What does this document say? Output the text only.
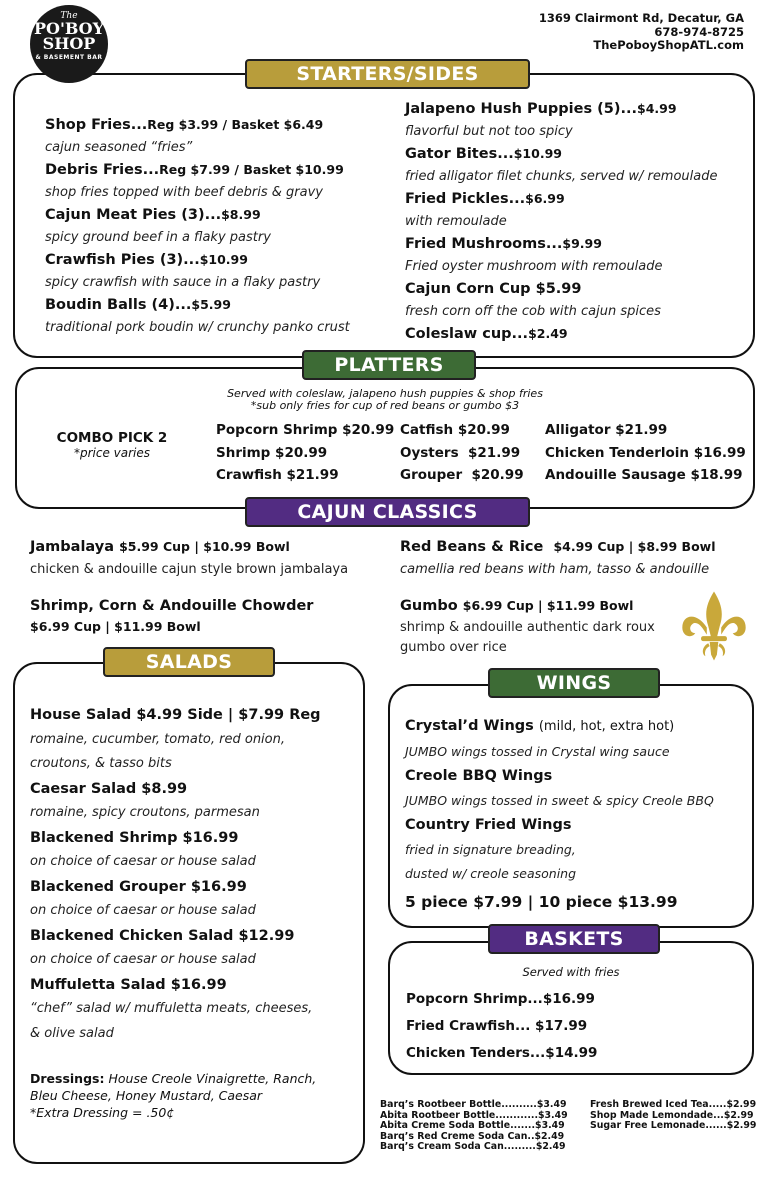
The
PO'BOY
SHOP
& BASEMENT BAR
1369 Clairmont Rd, Decatur, GA
678-974-8725
ThePoboyShopATL.com
STARTERS/SIDES
Shop Fries...Reg $3.99 / Basket $6.49
cajun seasoned “fries”
Debris Fries...Reg $7.99 / Basket $10.99
shop fries topped with beef debris & gravy
Cajun Meat Pies (3)...$8.99
spicy ground beef in a flaky pastry
Crawfish Pies (3)...$10.99
spicy crawfish with sauce in a flaky pastry
Boudin Balls (4)...$5.99
traditional pork boudin w/ crunchy panko crust
Jalapeno Hush Puppies (5)...$4.99
flavorful but not too spicy
Gator Bites...$10.99
fried alligator filet chunks, served w/ remoulade
Fried Pickles...$6.99
with remoulade
Fried Mushrooms...$9.99
Fried oyster mushroom with remoulade
Cajun Corn Cup $5.99
fresh corn off the cob with cajun spices
Coleslaw cup...$2.49
PLATTERS
Served with coleslaw, jalapeno hush puppies & shop fries
*sub only fries for cup of red beans or gumbo $3
COMBO PICK 2
*price varies
Popcorn Shrimp $20.99
Shrimp $20.99
Crawfish $21.99
Catfish $20.99
Oysters  $21.99
Grouper  $20.99
Alligator $21.99
Chicken Tenderloin $16.99
Andouille Sausage $18.99
CAJUN CLASSICS
Jambalaya $5.99 Cup | $10.99 Bowl
chicken & andouille cajun style brown jambalaya
Red Beans & Rice $4.99 Cup | $8.99 Bowl
camellia red beans with ham, tasso & andouille
Shrimp, Corn & Andouille Chowder
$6.99 Cup | $11.99 Bowl
Gumbo $6.99 Cup | $11.99 Bowl
shrimp & andouille authentic dark roux
gumbo over rice
SALADS
House Salad $4.99 Side | $7.99 Reg
romaine, cucumber, tomato, red onion,
croutons, & tasso bits
Caesar Salad $8.99
romaine, spicy croutons, parmesan
Blackened Shrimp $16.99
on choice of caesar or house salad
Blackened Grouper $16.99
on choice of caesar or house salad
Blackened Chicken Salad $12.99
on choice of caesar or house salad
Muffuletta Salad $16.99
“chef” salad w/ muffuletta meats, cheeses,
& olive salad
Dressings: House Creole Vinaigrette, Ranch,
Bleu Cheese, Honey Mustard, Caesar
*Extra Dressing = .50¢
WINGS
Crystal’d Wings (mild, hot, extra hot)
JUMBO wings tossed in Crystal wing sauce
Creole BBQ Wings
JUMBO wings tossed in sweet & spicy Creole BBQ
Country Fried Wings
fried in signature breading,
dusted w/ creole seasoning
5 piece $7.99 | 10 piece $13.99
BASKETS
Served with fries
Popcorn Shrimp...$16.99
Fried Crawfish... $17.99
Chicken Tenders...$14.99
Barq’s Rootbeer Bottle..........$3.49
Abita Rootbeer Bottle............$3.49
Abita Creme Soda Bottle.......$3.49
Barq’s Red Creme Soda Can..$2.49
Barq’s Cream Soda Can.........$2.49
Fresh Brewed Iced Tea.....$2.99
Shop Made Lemondade...$2.99
Sugar Free Lemonade......$2.99
